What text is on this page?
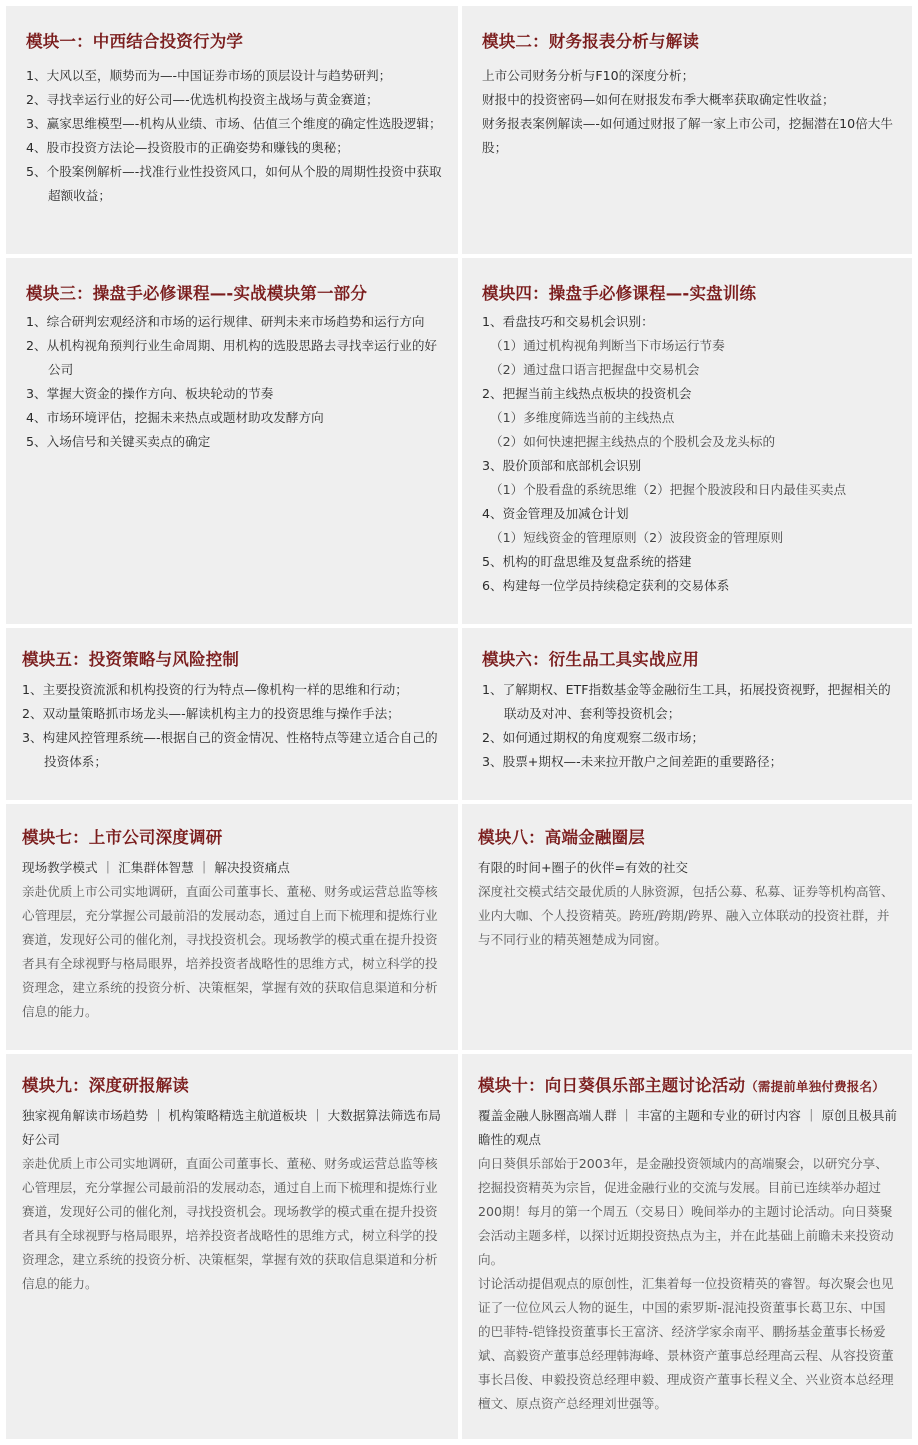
模块一：中西结合投资行为学
1、大风以至，顺势而为—-中国证券市场的顶层设计与趋势研判；
2、寻找幸运行业的好公司—-优选机构投资主战场与黄金赛道；
3、赢家思维模型—-机构从业绩、市场、估值三个维度的确定性选股逻辑；
4、股市投资方法论—投资股市的正确姿势和赚钱的奥秘；
5、个股案例解析—-找准行业性投资风口，如何从个股的周期性投资中获取超额收益；
模块二：财务报表分析与解读
上市公司财务分析与F10的深度分析；
财报中的投资密码—如何在财报发布季大概率获取确定性收益；
财务报表案例解读—-如何通过财报了解一家上市公司，挖掘潜在10倍大牛股；
模块三：操盘手必修课程—-实战模块第一部分
1、综合研判宏观经济和市场的运行规律、研判未来市场趋势和运行方向
2、从机构视角预判行业生命周期、用机构的选股思路去寻找幸运行业的好公司
3、掌握大资金的操作方向、板块轮动的节奏
4、市场环境评估，挖掘未来热点或题材助攻发酵方向
5、入场信号和关键买卖点的确定
模块四：操盘手必修课程—-实盘训练
1、看盘技巧和交易机会识别：
（1）通过机构视角判断当下市场运行节奏
（2）通过盘口语言把握盘中交易机会
2、把握当前主线热点板块的投资机会
（1）多维度筛选当前的主线热点
（2）如何快速把握主线热点的个股机会及龙头标的
3、股价顶部和底部机会识别
（1）个股看盘的系统思维（2）把握个股波段和日内最佳买卖点
4、资金管理及加减仓计划
（1）短线资金的管理原则（2）波段资金的管理原则
5、机构的盯盘思维及复盘系统的搭建
6、构建每一位学员持续稳定获利的交易体系
模块五：投资策略与风险控制
1、主要投资流派和机构投资的行为特点—像机构一样的思维和行动；
2、双动量策略抓市场龙头—-解读机构主力的投资思维与操作手法；
3、构建风控管理系统—-根据自己的资金情况、性格特点等建立适合自己的投资体系；
模块六：衍生品工具实战应用
1、了解期权、ETF指数基金等金融衍生工具，拓展投资视野，把握相关的联动及对冲、套利等投资机会；
2、如何通过期权的角度观察二级市场；
3、股票+期权—-未来拉开散户之间差距的重要路径；
模块七：上市公司深度调研
现场教学模式 ｜ 汇集群体智慧 ｜ 解决投资痛点
亲赴优质上市公司实地调研，直面公司董事长、董秘、财务或运营总监等核心管理层，充分掌握公司最前沿的发展动态，通过自上而下梳理和提炼行业赛道，发现好公司的催化剂，寻找投资机会。现场教学的模式重在提升投资者具有全球视野与格局眼界，培养投资者战略性的思维方式，树立科学的投资理念，建立系统的投资分析、决策框架，掌握有效的获取信息渠道和分析信息的能力。
模块八：高端金融圈层
有限的时间+圈子的伙伴=有效的社交
深度社交模式结交最优质的人脉资源，包括公募、私募、证券等机构高管、业内大咖、个人投资精英。跨班/跨期/跨界、融入立体联动的投资社群，并与不同行业的精英翘楚成为同窗。
模块九：深度研报解读
独家视角解读市场趋势 ｜ 机构策略精选主航道板块 ｜ 大数据算法筛选布局好公司
亲赴优质上市公司实地调研，直面公司董事长、董秘、财务或运营总监等核心管理层，充分掌握公司最前沿的发展动态，通过自上而下梳理和提炼行业赛道，发现好公司的催化剂，寻找投资机会。现场教学的模式重在提升投资者具有全球视野与格局眼界，培养投资者战略性的思维方式，树立科学的投资理念，建立系统的投资分析、决策框架，掌握有效的获取信息渠道和分析信息的能力。
模块十：向日葵俱乐部主题讨论活动（需提前单独付费报名）
覆盖金融人脉圈高端人群 ｜ 丰富的主题和专业的研讨内容 ｜ 原创且极具前瞻性的观点
向日葵俱乐部始于2003年，是金融投资领域内的高端聚会，以研究分享、挖掘投资精英为宗旨，促进金融行业的交流与发展。目前已连续举办超过200期！每月的第一个周五（交易日）晚间举办的主题讨论活动。向日葵聚会活动主题多样，以探讨近期投资热点为主，并在此基础上前瞻未来投资动向。
讨论活动提倡观点的原创性，汇集着每一位投资精英的睿智。每次聚会也见证了一位位风云人物的诞生，中国的索罗斯-混沌投资董事长葛卫东、中国的巴菲特-铠锋投资董事长王富济、经济学家余南平、鹏扬基金董事长杨爱斌、高毅资产董事总经理韩海峰、景林资产董事总经理高云程、从容投资董事长吕俊、申毅投资总经理申毅、理成资产董事长程义全、兴业资本总经理檀文、原点资产总经理刘世强等。
